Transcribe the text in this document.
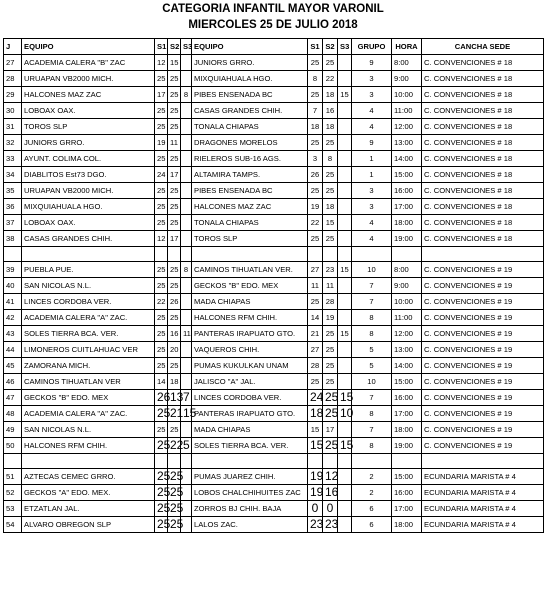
CATEGORIA INFANTIL MAYOR VARONIL
MIERCOLES 25 DE JULIO 2018
J	EQUIPO	S1	S2	S3	EQUIPO	S1	S2	S3	GRUPO	HORA	CANCHA SEDE
27	ACADEMIA CALERA "B" ZAC	12	15		JUNIORS GRRO.	25	25		9	8:00	C. CONVENCIONES # 18
28	URUAPAN VB2000 MICH.	25	25		MIXQUIAHUALA HGO.	8	22		3	9:00	C. CONVENCIONES # 18
29	HALCONES MAZ ZAC	17	25	8	PIBES ENSENADA BC	25	18	15	3	10:00	C. CONVENCIONES # 18
30	LOBOAX OAX.	25	25		CASAS GRANDES CHIH.	7	16		4	11:00	C. CONVENCIONES # 18
31	TOROS SLP	25	25		TONALA CHIAPAS	18	18		4	12:00	C. CONVENCIONES # 18
32	JUNIORS GRRO.	19	11		DRAGONES MORELOS	25	25		9	13:00	C. CONVENCIONES # 18
33	AYUNT. COLIMA COL.	25	25		RIELEROS SUB-16 AGS.	3	8		1	14:00	C. CONVENCIONES # 18
34	DIABLITOS Est73 DGO.	24	17		ALTAMIRA TAMPS.	26	25		1	15:00	C. CONVENCIONES # 18
35	URUAPAN VB2000 MICH.	25	25		PIBES ENSENADA BC	25	25		3	16:00	C. CONVENCIONES # 18
36	MIXQUIAHUALA HGO.	25	25		HALCONES MAZ ZAC	19	18		3	17:00	C. CONVENCIONES # 18
37	LOBOAX OAX.	25	25		TONALA CHIAPAS	22	15		4	18:00	C. CONVENCIONES # 18
38	CASAS GRANDES CHIH.	12	17		TOROS SLP	25	25		4	19:00	C. CONVENCIONES # 18

39	PUEBLA PUE.	25	25	8	CAMINOS TIHUATLAN VER.	27	23	15	10	8:00	C. CONVENCIONES # 19
40	SAN NICOLAS N.L.	25	25		GECKOS "B" EDO. MEX	11	11		7	9:00	C. CONVENCIONES # 19
41	LINCES CORDOBA VER.	22	26		MADA CHIAPAS	25	28		7	10:00	C. CONVENCIONES # 19
42	ACADEMIA CALERA "A" ZAC.	25	25		HALCONES RFM CHIH.	14	19		8	11:00	C. CONVENCIONES # 19
43	SOLES TIERRA BCA. VER.	25	16	11	PANTERAS IRAPUATO GTO.	21	25	15	8	12:00	C. CONVENCIONES # 19
44	LIMONEROS CUITLAHUAC VER	25	20		VAQUEROS CHIH.	27	25		5	13:00	C. CONVENCIONES # 19
45	ZAMORANA MICH.	25	25		PUMAS KUKULKAN UNAM	28	25		5	14:00	C. CONVENCIONES # 19
46	CAMINOS TIHUATLAN VER	14	18		JALISCO "A" JAL.	25	25		10	15:00	C. CONVENCIONES # 19
47	GECKOS "B" EDO. MEX	26	13	7	LINCES CORDOBA VER.	24	25	15	7	16:00	C. CONVENCIONES # 19
48	ACADEMIA CALERA "A" ZAC.	25	21	15	PANTERAS IRAPUATO GTO.	18	25	10	8	17:00	C. CONVENCIONES # 19
49	SAN NICOLAS N.L.	25	25		MADA CHIAPAS	15	17		7	18:00	C. CONVENCIONES # 19
50	HALCONES RFM CHIH.	25	22	5	SOLES TIERRA BCA. VER.	15	25	15	8	19:00	C. CONVENCIONES # 19

51	AZTECAS CEMEC GRRO.	25	25		PUMAS JUAREZ CHIH.	19	12		2	15:00	ECUNDARIA MARISTA # 4
52	GECKOS "A" EDO. MEX.	25	25		LOBOS CHALCHIHUITES ZAC	19	16		2	16:00	ECUNDARIA MARISTA # 4
53	ETZATLAN JAL.	25	25		ZORROS BJ CHIH. BAJA	0	0		6	17:00	ECUNDARIA MARISTA # 4
54	ALVARO OBREGON SLP	25	25		LALOS ZAC.	23	23		6	18:00	ECUNDARIA MARISTA # 4
